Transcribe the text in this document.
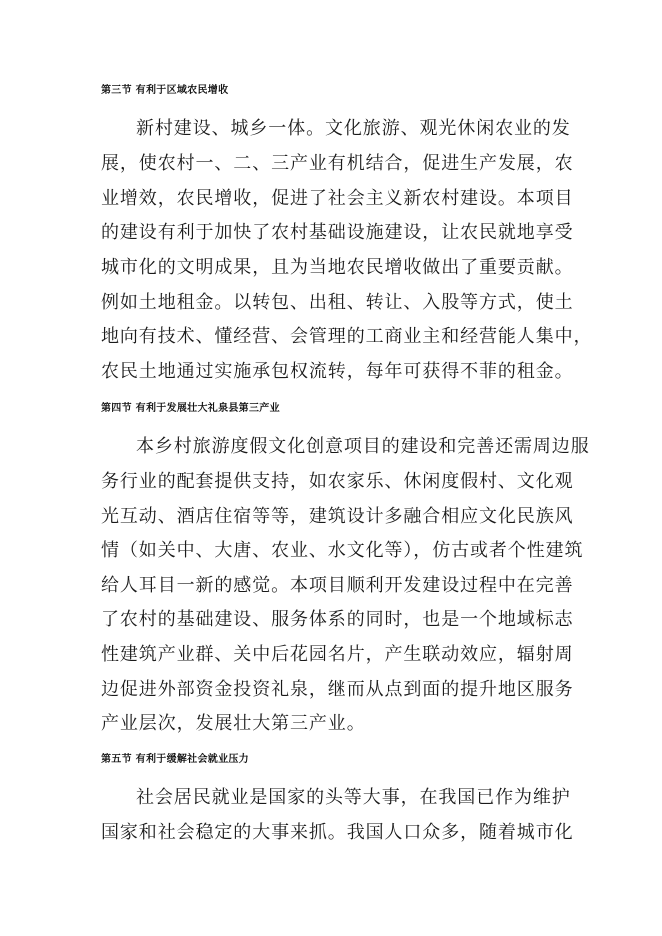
第三节 有利于区域农民增收
新村建设、城乡一体。文化旅游、观光休闲农业的发
展，使农村一、二、三产业有机结合，促进生产发展，农
业增效，农民增收，促进了社会主义新农村建设。本项目
的建设有利于加快了农村基础设施建设，让农民就地享受
城市化的文明成果，且为当地农民增收做出了重要贡献。
例如土地租金。以转包、出租、转让、入股等方式，使土
地向有技术、懂经营、会管理的工商业主和经营能人集中，
农民土地通过实施承包权流转，每年可获得不菲的租金。
第四节 有利于发展壮大礼泉县第三产业
本乡村旅游度假文化创意项目的建设和完善还需周边服
务行业的配套提供支持，如农家乐、休闲度假村、文化观
光互动、酒店住宿等等，建筑设计多融合相应文化民族风
情（如关中、大唐、农业、水文化等），仿古或者个性建筑
给人耳目一新的感觉。本项目顺利开发建设过程中在完善
了农村的基础建设、服务体系的同时，也是一个地域标志
性建筑产业群、关中后花园名片，产生联动效应，辐射周
边促进外部资金投资礼泉，继而从点到面的提升地区服务
产业层次，发展壮大第三产业。
第五节 有利于缓解社会就业压力
社会居民就业是国家的头等大事，在我国已作为维护
国家和社会稳定的大事来抓。我国人口众多，随着城市化
